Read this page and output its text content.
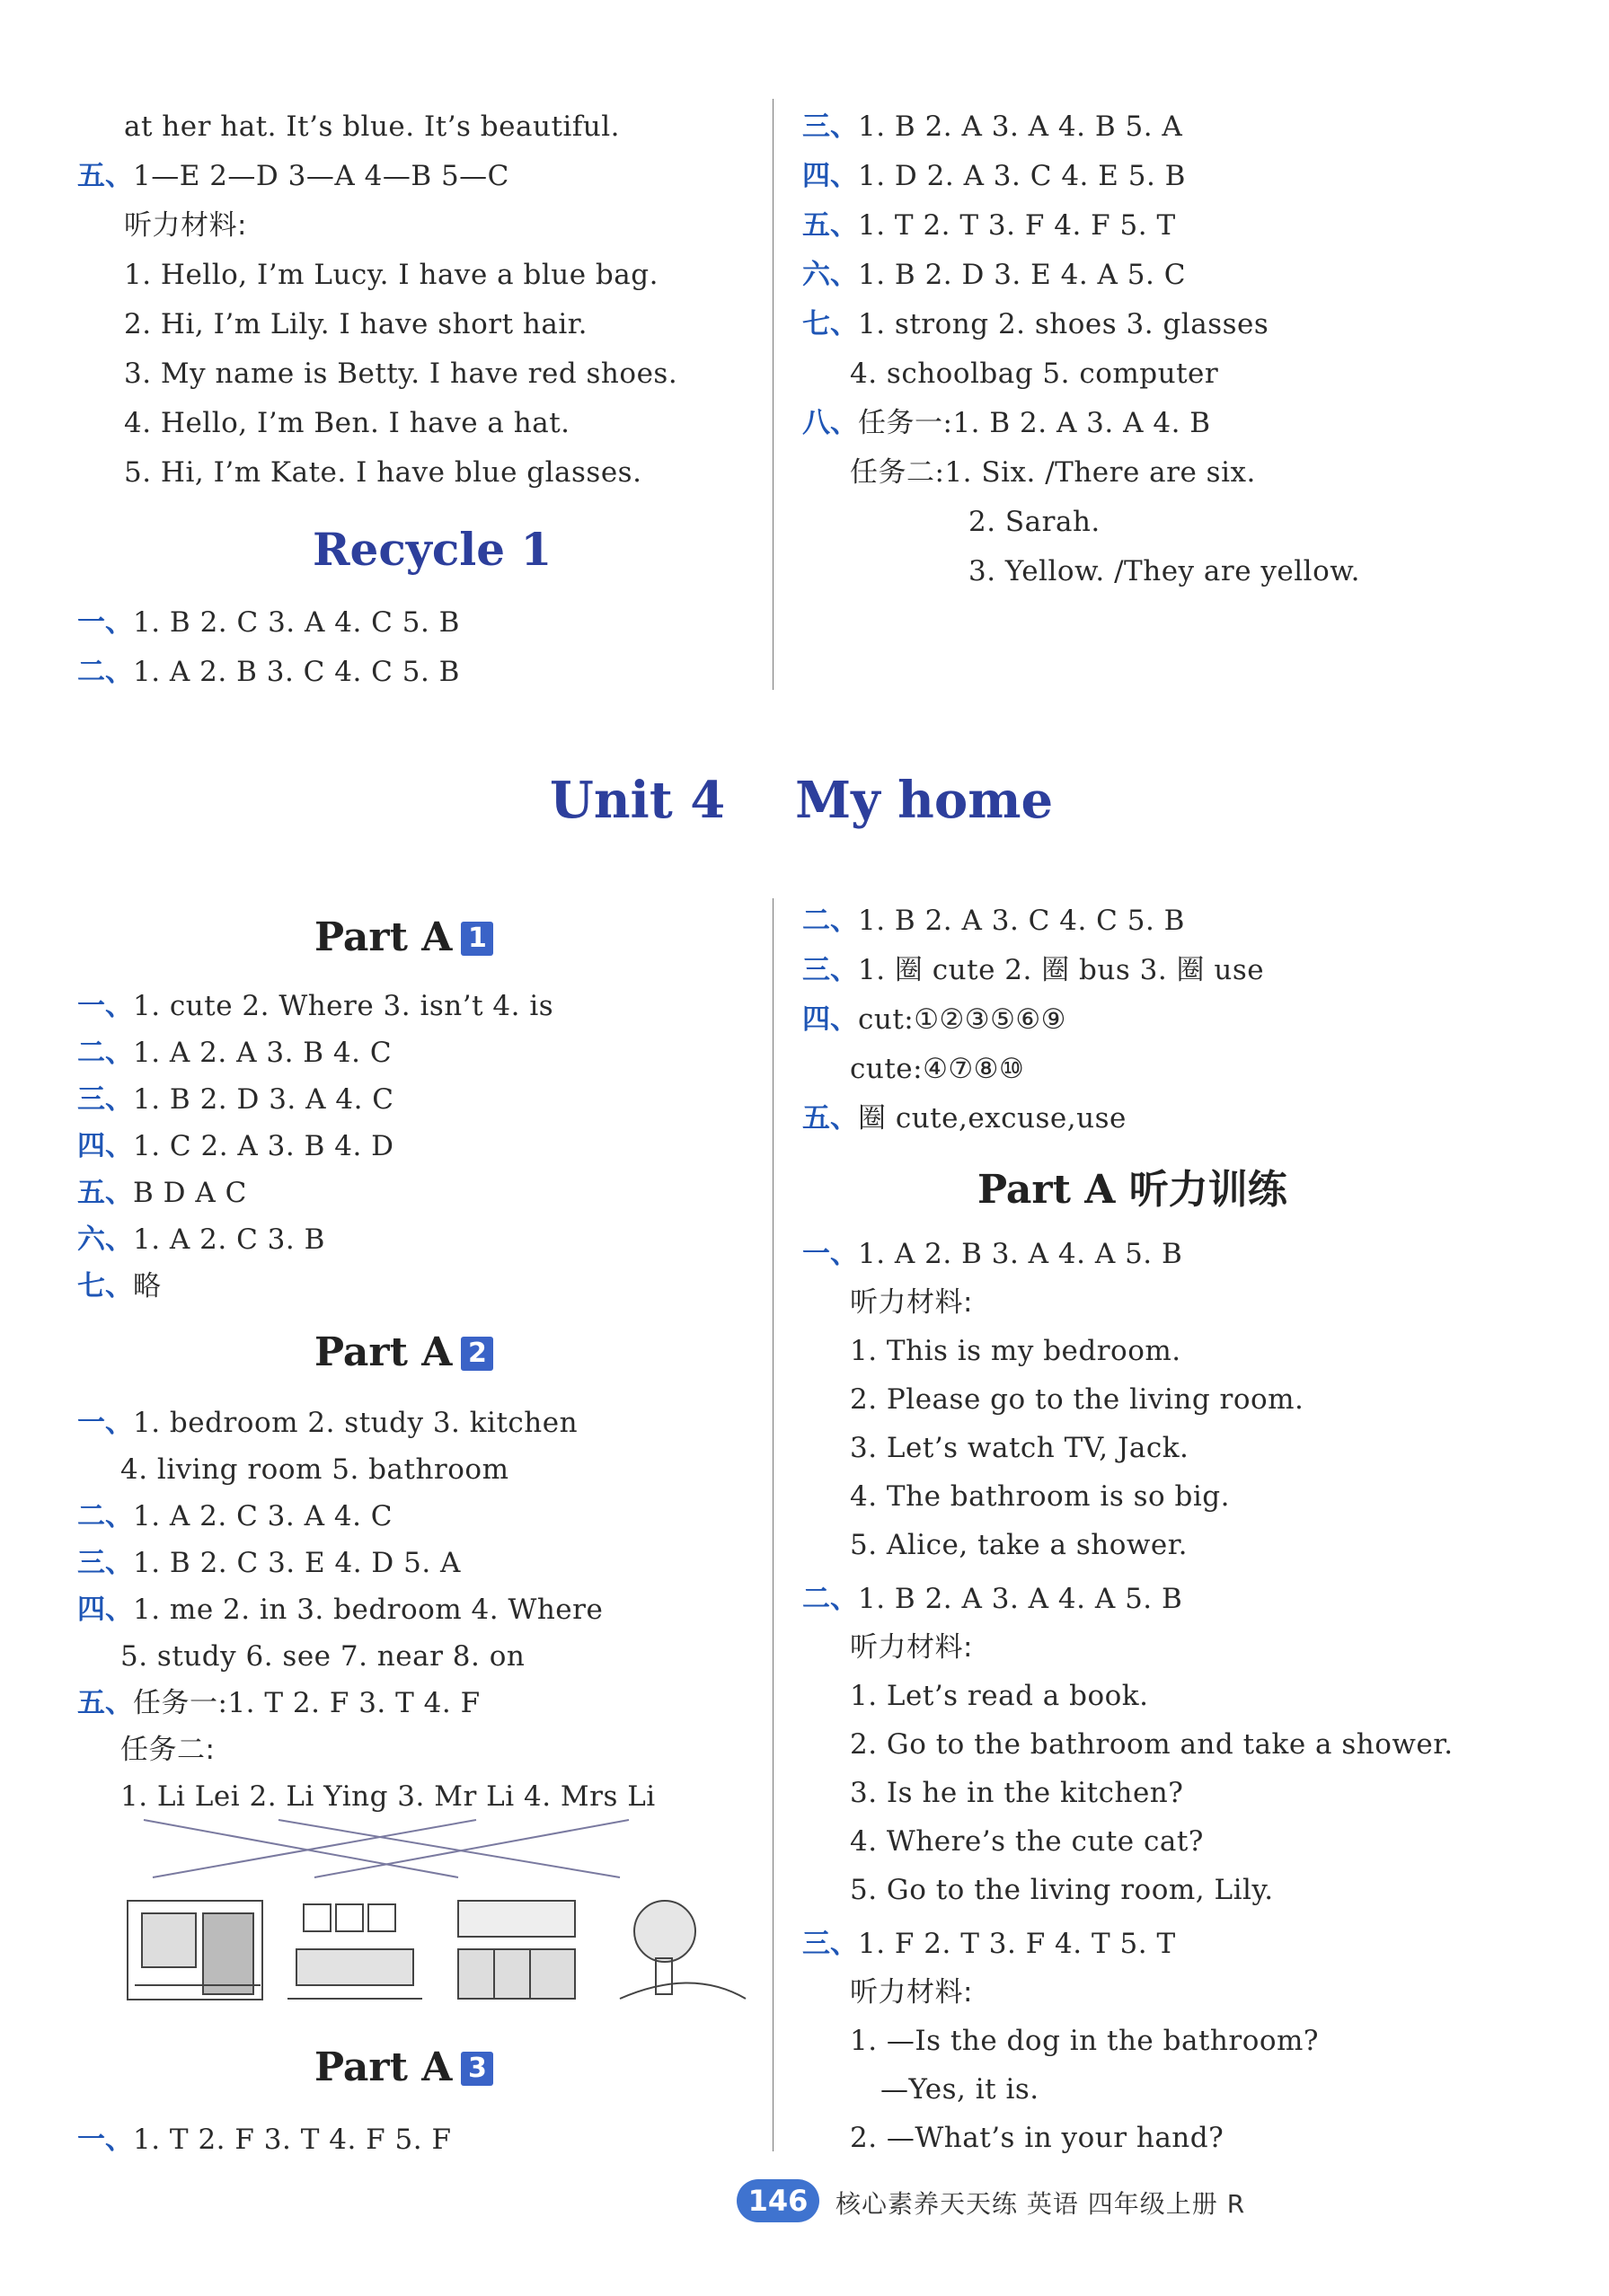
at her hat. It’s blue. It’s beautiful.
五、1—E 2—D 3—A 4—B 5—C
听力材料:
1. Hello, I’m Lucy. I have a blue bag.
2. Hi, I’m Lily. I have short hair.
3. My name is Betty. I have red shoes.
4. Hello, I’m Ben. I have a hat.
5. Hi, I’m Kate. I have blue glasses.
Recycle 1
一、1. B 2. C 3. A 4. C 5. B
二、1. A 2. B 3. C 4. C 5. B
三、1. B 2. A 3. A 4. B 5. A
四、1. D 2. A 3. C 4. E 5. B
五、1. T 2. T 3. F 4. F 5. T
六、1. B 2. D 3. E 4. A 5. C
七、1. strong 2. shoes 3. glasses
4. schoolbag 5. computer
八、任务一:1. B 2. A 3. A 4. B
任务二:1. Six. /There are six.
2. Sarah.
3. Yellow. /They are yellow.
Unit 4    My home
Part A 1
一、1. cute 2. Where 3. isn’t 4. is
二、1. A 2. A 3. B 4. C
三、1. B 2. D 3. A 4. C
四、1. C 2. A 3. B 4. D
五、B D A C
六、1. A 2. C 3. B
七、略
Part A 2
一、1. bedroom 2. study 3. kitchen
4. living room 5. bathroom
二、1. A 2. C 3. A 4. C
三、1. B 2. C 3. E 4. D 5. A
四、1. me 2. in 3. bedroom 4. Where
5. study 6. see 7. near 8. on
五、任务一:1. T 2. F 3. T 4. F
任务二:
1. Li Lei 2. Li Ying 3. Mr Li 4. Mrs Li
Part A 3
一、1. T 2. F 3. T 4. F 5. F
二、1. B 2. A 3. C 4. C 5. B
三、1. 圈 cute 2. 圈 bus 3. 圈 use
四、cut:①②③⑤⑥⑨
cute:④⑦⑧⑩
五、圈 cute,excuse,use
Part A 听力训练
一、1. A 2. B 3. A 4. A 5. B
听力材料:
1. This is my bedroom.
2. Please go to the living room.
3. Let’s watch TV, Jack.
4. The bathroom is so big.
5. Alice, take a shower.
二、1. B 2. A 3. A 4. A 5. B
听力材料:
1. Let’s read a book.
2. Go to the bathroom and take a shower.
3. Is he in the kitchen?
4. Where’s the cute cat?
5. Go to the living room, Lily.
三、1. F 2. T 3. F 4. T 5. T
听力材料:
1. —Is the dog in the bathroom?
—Yes, it is.
2. —What’s in your hand?
146	核心素养天天练 英语 四年级上册 R
